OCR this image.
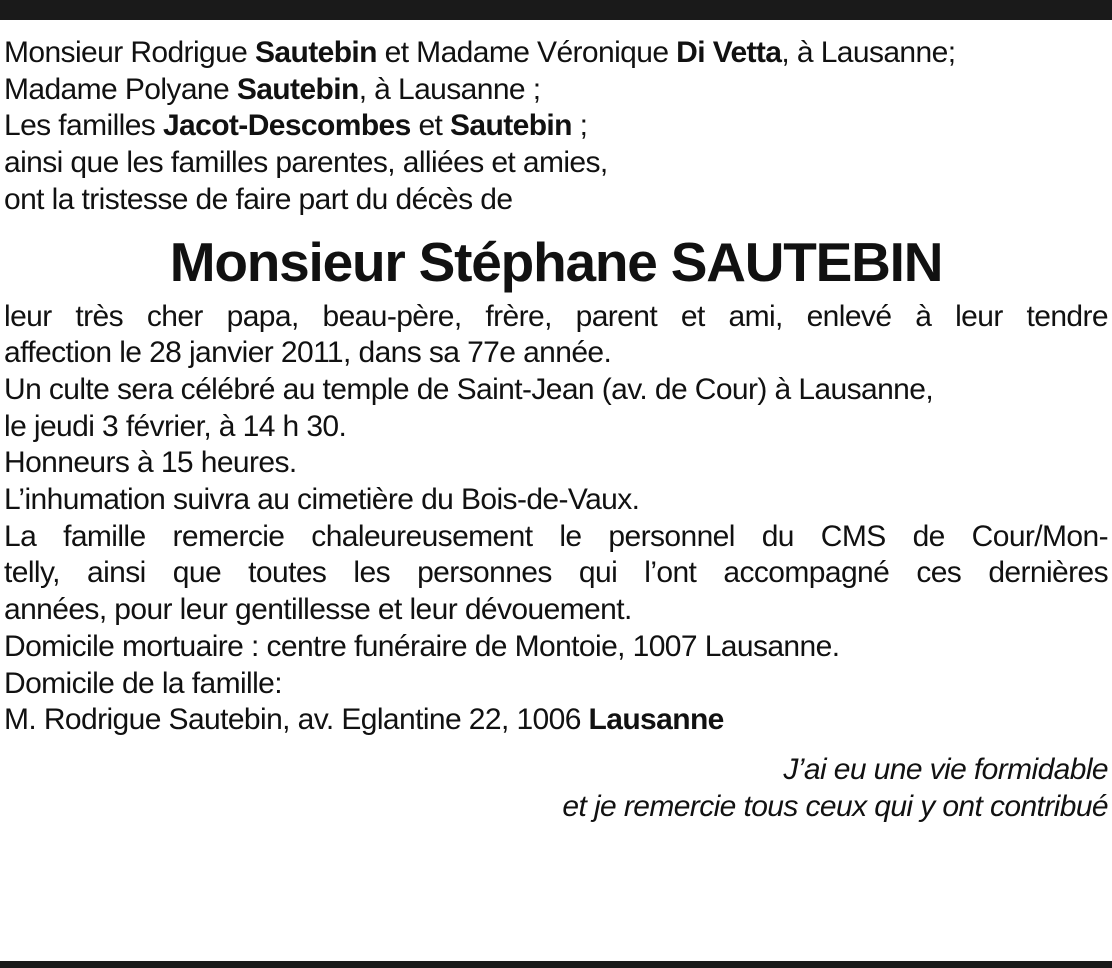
Monsieur Rodrigue Sautebin et Madame Véronique Di Vetta, à Lausanne;
Madame Polyane Sautebin, à Lausanne ;
Les familles Jacot-Descombes et Sautebin ;
ainsi que les familles parentes, alliées et amies,
ont la tristesse de faire part du décès de
Monsieur Stéphane SAUTEBIN
leur très cher papa, beau-père, frère, parent et ami, enlevé à leur tendre
affection le 28 janvier 2011, dans sa 77e année.
Un culte sera célébré au temple de Saint-Jean (av. de Cour) à Lausanne,
le jeudi 3 février, à 14 h 30.
Honneurs à 15 heures.
L’inhumation suivra au cimetière du Bois-de-Vaux.
La famille remercie chaleureusement le personnel du CMS de Cour/Mon-
telly, ainsi que toutes les personnes qui l’ont accompagné ces dernières
années, pour leur gentillesse et leur dévouement.
Domicile mortuaire : centre funéraire de Montoie, 1007 Lausanne.
Domicile de la famille:
M. Rodrigue Sautebin, av. Eglantine 22, 1006 Lausanne
J’ai eu une vie formidable
et je remercie tous ceux qui y ont contribué
